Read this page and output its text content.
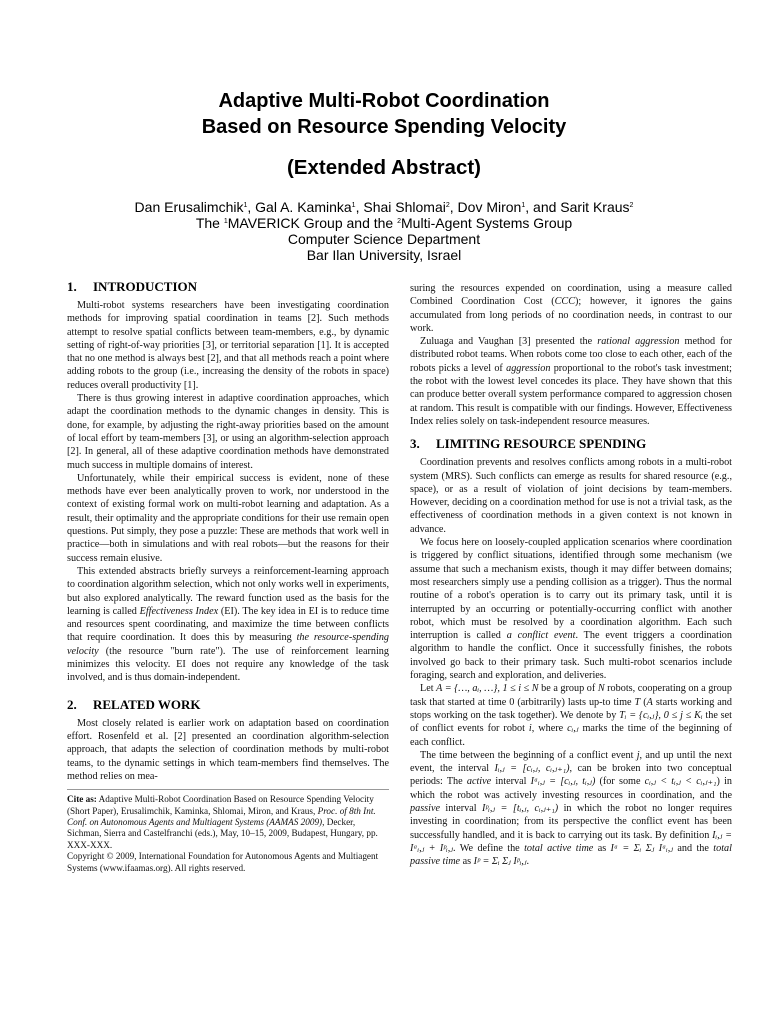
Adaptive Multi-Robot Coordination
Based on Resource Spending Velocity
(Extended Abstract)
Dan Erusalimchik$^1$, Gal A. Kaminka$^1$, Shai Shlomai$^2$, Dov Miron$^1$, and Sarit Kraus$^2$
The $^1$MAVERICK Group and the $^2$Multi-Agent Systems Group
Computer Science Department
Bar Ilan University, Israel
1. INTRODUCTION

Multi-robot systems researchers have been investigating coordination methods for improving spatial coordination in teams [2]. Such methods attempt to resolve spatial conflicts between team-members, e.g., by dynamic setting of right-of-way priorities [3], or territorial separation [1]. It is accepted that no one method is always best [2], and that all methods reach a point where adding robots to the group (i.e., increasing the density of the robots in space) reduces overall productivity [1].

There is thus growing interest in adaptive coordination approaches, which adapt the coordination methods to the dynamic changes in density. This is done, for example, by adjusting the right-away priorities based on the amount of local effort by team-members [3], or using an algorithm-selection approach [2]. In general, all of these adaptive coordination methods have demonstrated much success in multiple domains of interest.

Unfortunately, while their empirical success is evident, none of these methods have ever been analytically proven to work, nor understood in the context of existing formal work on multi-robot learning and adaptation. As a result, their optimality and the appropriate conditions for their use remain open questions. Put simply, they pose a puzzle: These are methods that work well in practice—both in simulations and with real robots—but the reasons for their success remain elusive.

This extended abstracts briefly surveys a reinforcement-learning approach to coordination algorithm selection, which not only works well in experiments, but also explored analytically. The reward function used as the basis for the learning is called Effectiveness Index (EI). The key idea in EI is to reduce time and resources spent coordinating, and maximize the time between conflicts that require coordination. It does this by measuring the resource-spending velocity (the resource "burn rate"). The use of reinforcement learning minimizes this velocity. EI does not require any knowledge of the task involved, and is thus domain-independent.

2. RELATED WORK

Most closely related is earlier work on adaptation based on coordination effort. Rosenfeld et al. [2] presented an coordination algorithm-selection approach, that adapts the selection of coordination methods by multi-robot teams, to the dynamic settings in which team-members find themselves. The method relies on mea-

Cite as: Adaptive Multi-Robot Coordination Based on Resource Spending Velocity (Short Paper), Erusalimchik, Kaminka, Shlomai, Miron, and Kraus, Proc. of 8th Int. Conf. on Autonomous Agents and Multiagent Systems (AAMAS 2009), Decker, Sichman, Sierra and Castelfranchi (eds.), May, 10–15, 2009, Budapest, Hungary, pp. XXX-XXX.
Copyright © 2009, International Foundation for Autonomous Agents and Multiagent Systems (www.ifaamas.org). All rights reserved.

suring the resources expended on coordination, using a measure called Combined Coordination Cost (CCC); however, it ignores the gains accumulated from long periods of no coordination needs, in contrast to our work.

Zuluaga and Vaughan [3] presented the rational aggression method for distributed robot teams. When robots come too close to each other, each of the robots picks a level of aggression proportional to the robot's task investment; the robot with the lowest level concedes its place. They have shown that this can produce better overall system performance compared to aggression chosen at random. This result is compatible with our findings. However, Effectiveness Index relies solely on task-independent resource measures.

3. LIMITING RESOURCE SPENDING

Coordination prevents and resolves conflicts among robots in a multi-robot system (MRS). Such conflicts can emerge as results for shared resource (e.g., space), or as a result of violation of joint decisions by team-members. However, deciding on a coordination method for use is not a trivial task, as the effectiveness of coordination methods in a given context is not known in advance.

We focus here on loosely-coupled application scenarios where coordination is triggered by conflict situations, identified through some mechanism (we assume that such a mechanism exists, though it may differ between domains; most researchers simply use a pending collision as a trigger). Thus the normal routine of a robot's operation is to carry out its primary task, until it is interrupted by an occurring or potentially-occurring conflict with another robot, which must be resolved by a coordination algorithm. Each such interruption is called a conflict event. The event triggers a coordination algorithm to handle the conflict. Once it successfully finishes, the robots involved go back to their primary task. Such multi-robot scenarios include foraging, search and exploration, and deliveries.

Let A = {…, aᵢ, …}, 1 ≤ i ≤ N be a group of N robots, cooperating on a group task that started at time 0 (arbitrarily) lasts up-to time T (A starts working and stops working on the task together). We denote by Tᵢ = {cᵢ,ⱼ}, 0 ≤ j ≤ Kᵢ the set of conflict events for robot i, where cᵢ,ⱼ marks the time of the beginning of each conflict.

The time between the beginning of a conflict event j, and up until the next event, the interval Iᵢ,ⱼ = [cᵢ,ⱼ, cᵢ,ⱼ₊₁), can be broken into two conceptual periods: The active interval Iᵃᵢ,ⱼ = [cᵢ,ⱼ, tᵢ,ⱼ) (for some cᵢ,ⱼ < tᵢ,ⱼ < cᵢ,ⱼ₊₁) in which the robot was actively investing resources in coordination, and the passive interval Iᵖᵢ,ⱼ = [tᵢ,ⱼ, cᵢ,ⱼ₊₁) in which the robot no longer requires investing in coordination; from its perspective the conflict event has been successfully handled, and it is back to carrying out its task. By definition Iᵢ,ⱼ = Iᵃᵢ,ⱼ + Iᵖᵢ,ⱼ. We define the total active time as Iᵃ = Σᵢ Σⱼ Iᵃᵢ,ⱼ and the total passive time as Iᵖ = Σᵢ Σⱼ Iᵖᵢ,ⱼ.
